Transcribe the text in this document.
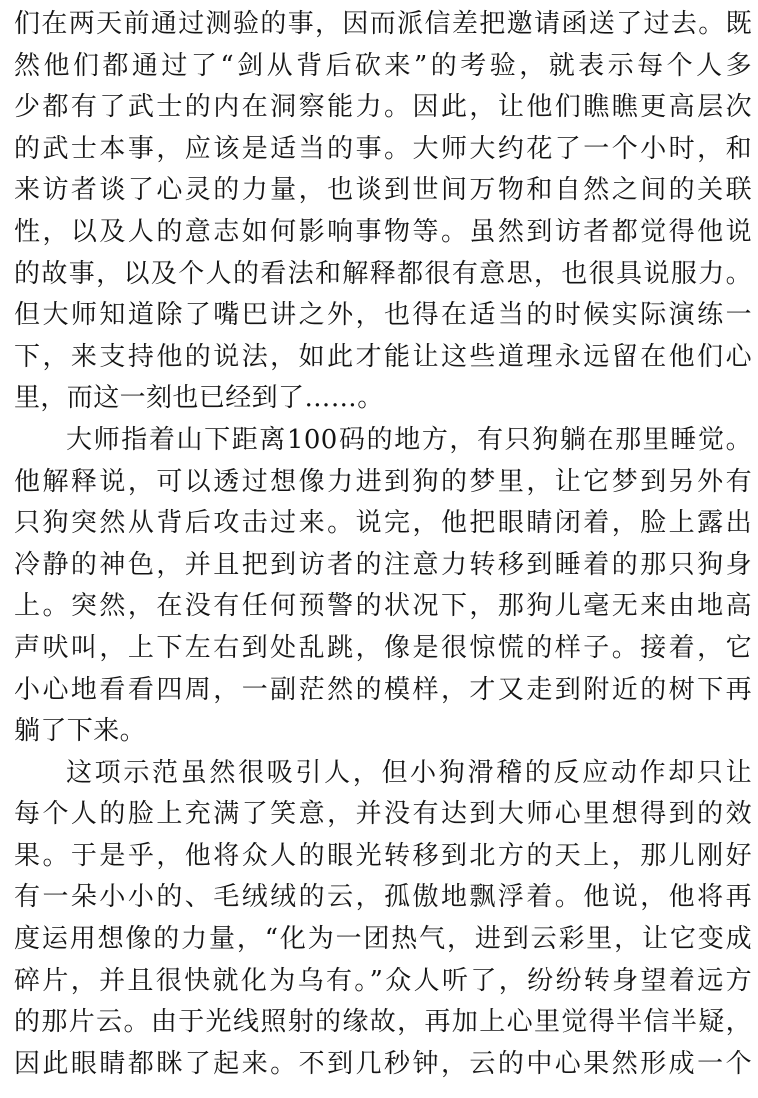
们在两天前通过测验的事，因而派信差把邀请函送了过去。既
然他们都通过了“剑从背后砍来”的考验，就表示每个人多
少都有了武士的内在洞察能力。因此，让他们瞧瞧更高层次
的武士本事，应该是适当的事。大师大约花了一个小时，和
来访者谈了心灵的力量，也谈到世间万物和自然之间的关联
性，以及人的意志如何影响事物等。虽然到访者都觉得他说
的故事，以及个人的看法和解释都很有意思，也很具说服力。
但大师知道除了嘴巴讲之外，也得在适当的时候实际演练一
下，来支持他的说法，如此才能让这些道理永远留在他们心
里，而这一刻也已经到了……。
大师指着山下距离100码的地方，有只狗躺在那里睡觉。
他解释说，可以透过想像力进到狗的梦里，让它梦到另外有
只狗突然从背后攻击过来。说完，他把眼睛闭着，脸上露出
冷静的神色，并且把到访者的注意力转移到睡着的那只狗身
上。突然，在没有任何预警的状况下，那狗儿毫无来由地高
声吠叫，上下左右到处乱跳，像是很惊慌的样子。接着，它
小心地看看四周，一副茫然的模样，才又走到附近的树下再
躺了下来。
这项示范虽然很吸引人，但小狗滑稽的反应动作却只让
每个人的脸上充满了笑意，并没有达到大师心里想得到的效
果。于是乎，他将众人的眼光转移到北方的天上，那儿刚好
有一朵小小的、毛绒绒的云，孤傲地飘浮着。他说，他将再
度运用想像的力量，“化为一团热气，进到云彩里，让它变成
碎片，并且很快就化为乌有。”众人听了，纷纷转身望着远方
的那片云。由于光线照射的缘故，再加上心里觉得半信半疑，
因此眼睛都眯了起来。不到几秒钟，云的中心果然形成一个
